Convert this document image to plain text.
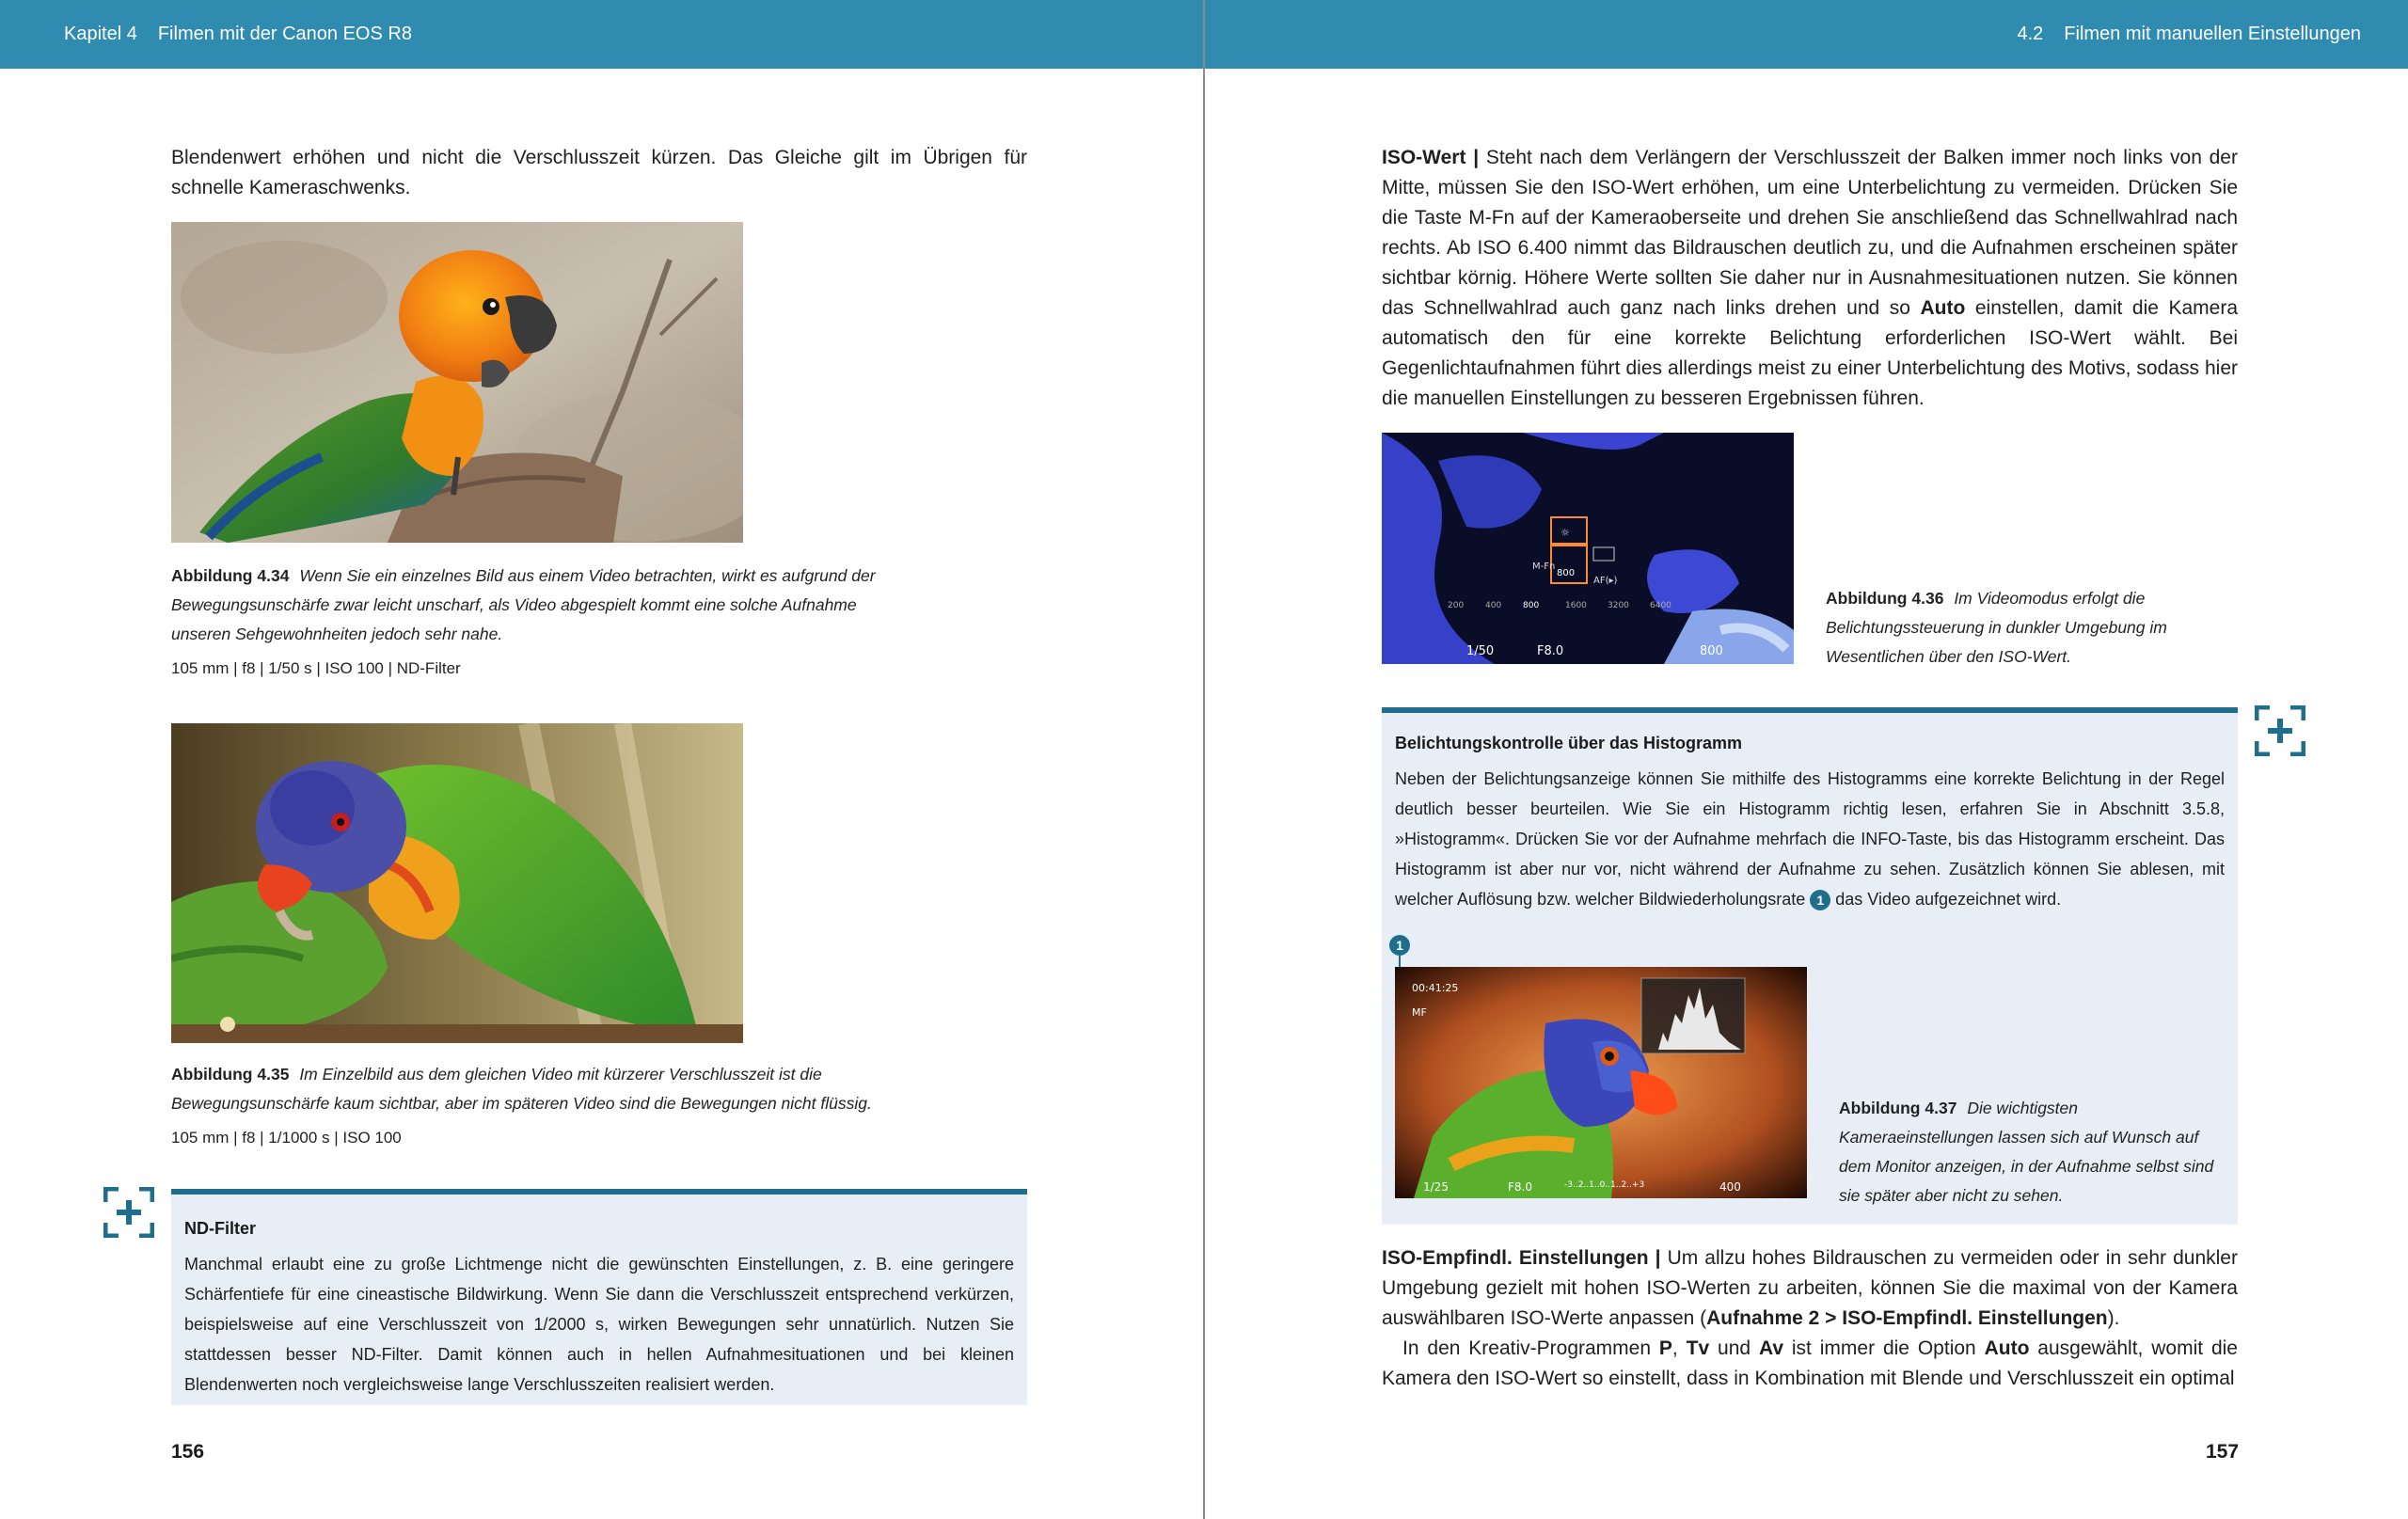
Kapitel 4 Filmen mit der Canon EOS R8

Blendenwert erhöhen und nicht die Verschlusszeit kürzen. Das Gleiche gilt im Übrigen für schnelle Kameraschwenks.

Abbildung 4.34 Wenn Sie ein einzelnes Bild aus einem Video betrachten, wirkt es aufgrund der Bewegungsunschärfe zwar leicht unscharf, als Video abgespielt kommt eine solche Aufnahme unseren Sehgewohnheiten jedoch sehr nahe.

105 mm | f8 | 1/50 s | ISO 100 | ND-Filter

Abbildung 4.35 Im Einzelbild aus dem gleichen Video mit kürzerer Verschlusszeit ist die Bewegungsunschärfe kaum sichtbar, aber im späteren Video sind die Bewegungen nicht flüssig.

105 mm | f8 | 1/1000 s | ISO 100

ND-Filter

Manchmal erlaubt eine zu große Lichtmenge nicht die gewünschten Einstellungen, z. B. eine geringere Schärfentiefe für eine cineastische Bildwirkung. Wenn Sie dann die Verschlusszeit entsprechend verkürzen, beispielsweise auf eine Verschlusszeit von 1/2000 s, wirken Bewegungen sehr unnatürlich. Nutzen Sie stattdessen besser ND-Filter. Damit können auch in hellen Aufnahmesituationen und bei kleinen Blendenwerten noch vergleichsweise lange Verschlusszeiten realisiert werden.

156

4.2 Filmen mit manuellen Einstellungen

ISO-Wert | Steht nach dem Verlängern der Verschlusszeit der Balken immer noch links von der Mitte, müssen Sie den ISO-Wert erhöhen, um eine Unterbelichtung zu vermeiden. Drücken Sie die Taste M-Fn auf der Kameraoberseite und drehen Sie anschließend das Schnellwahlrad nach rechts. Ab ISO 6.400 nimmt das Bildrauschen deutlich zu, und die Aufnahmen erscheinen später sichtbar körnig. Höhere Werte sollten Sie daher nur in Ausnahmesituationen nutzen. Sie können das Schnellwahlrad auch ganz nach links drehen und so Auto einstellen, damit die Kamera automatisch den für eine korrekte Belichtung erforderlichen ISO-Wert wählt. Bei Gegenlichtaufnahmen führt dies allerdings meist zu einer Unterbelichtung des Motivs, sodass hier die manuellen Einstellungen zu besseren Ergebnissen führen.

☼
M-Fn
800
AF(▸)
200	400	800	1600 3200 6400
1/50	F8.0	800

Abbildung 4.36 Im Videomodus erfolgt die Belichtungssteuerung in dunkler Umgebung im Wesentlichen über den ISO-Wert.

Belichtungskontrolle über das Histogramm

Neben der Belichtungsanzeige können Sie mithilfe des Histogramms eine korrekte Belichtung in der Regel deutlich besser beurteilen. Wie Sie ein Histogramm richtig lesen, erfahren Sie in Abschnitt 3.5.8, »Histogramm«. Drücken Sie vor der Aufnahme mehrfach die INFO-Taste, bis das Histogramm erscheint. Das Histogramm ist aber nur vor, nicht während der Aufnahme zu sehen. Zusätzlich können Sie ablesen, mit welcher Auflösung bzw. welcher Bildwiederholungsrate 1 das Video aufgezeichnet wird.

1
00:41:25
MF
1/25	F8.0	-3..2..1..0..1..2..+3	400

Abbildung 4.37 Die wichtigsten Kameraeinstellungen lassen sich auf Wunsch auf dem Monitor anzeigen, in der Aufnahme selbst sind sie später aber nicht zu sehen.

ISO-Empfindl. Einstellungen | Um allzu hohes Bildrauschen zu vermeiden oder in sehr dunkler Umgebung gezielt mit hohen ISO-Werten zu arbeiten, können Sie die maximal von der Kamera auswählbaren ISO-Werte anpassen (Aufnahme 2 > ISO-Empfindl. Einstellungen).

In den Kreativ-Programmen P, Tv und Av ist immer die Option Auto ausgewählt, womit die Kamera den ISO-Wert so einstellt, dass in Kombination mit Blende und Verschlusszeit ein optimal

157
